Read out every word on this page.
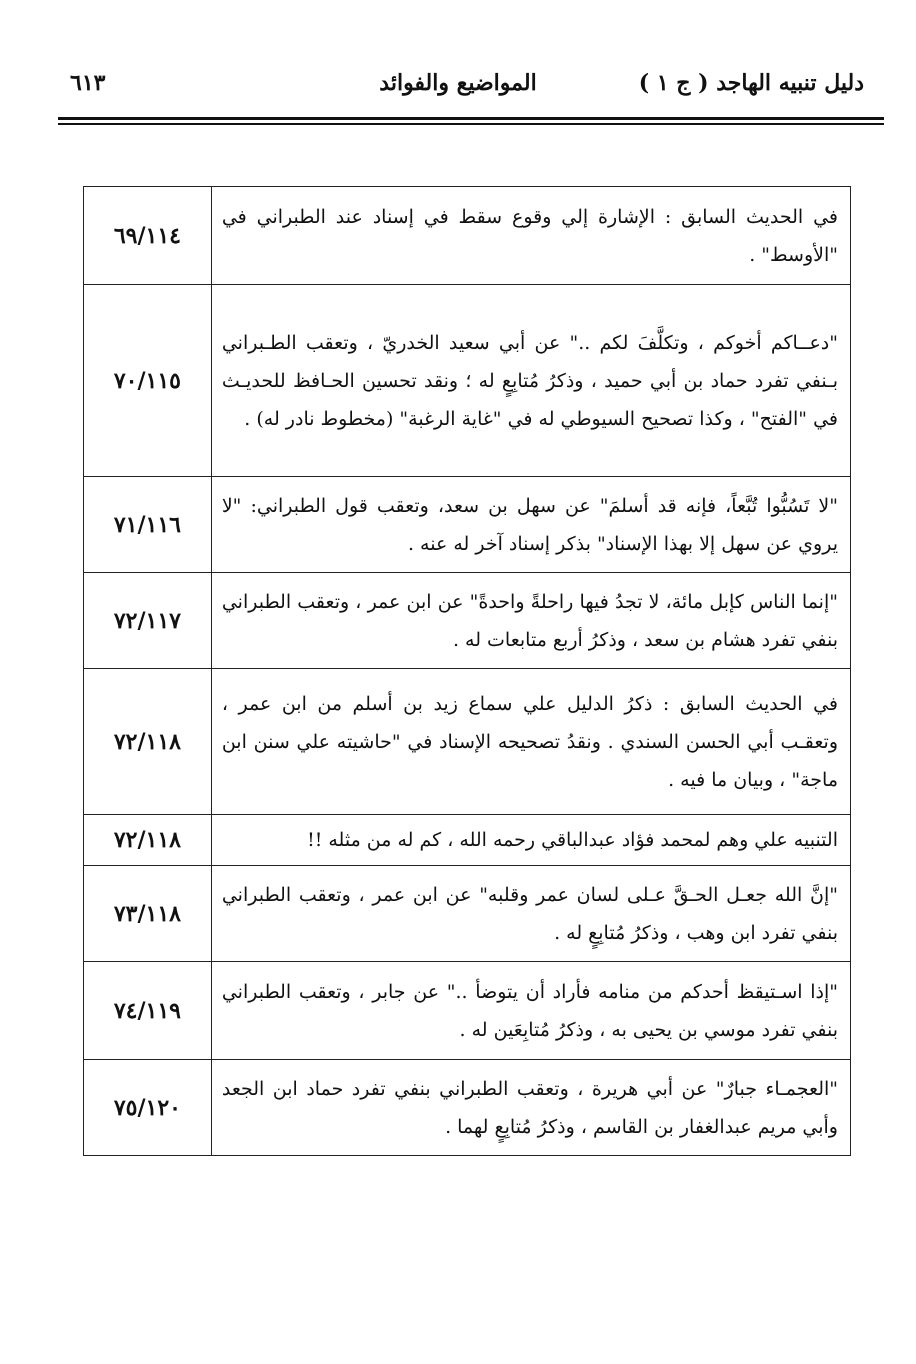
دليل تنبيه الهاجد ( ج ١ )
المواضيع والفوائد
٦١٣
في الحديث السابق : الإشارة إلي وقوع سقط في إسناد عند الطبراني في "الأوسط" .	٦٩/١١٤
"دعــاكم أخوكم ، وتكلَّفَ لكم .." عن أبي سعيد الخدريّ ، وتعقب الطـبراني بـنفي تفرد حماد بن أبي حميد ، وذكرُ مُتابِعٍ له ؛ ونقد تحسين الحـافظ للحديـث في "الفتح" ، وكذا تصحيح السيوطي له في "غاية الرغبة" (مخطوط نادر له) .	٧٠/١١٥
"لا تَسُبُّوا تُبَّعاً، فإنه قد أسلمَ" عن سهل بن سعد، وتعقب قول الطبراني: "لا يروي عن سهل إلا بهذا الإسناد" بذكر إسناد آخر له عنه .	٧١/١١٦
"إنما الناس كإبل مائة، لا تجدُ فيها راحلةً واحدةً" عن ابن عمر ، وتعقب الطبراني بنفي تفرد هشام بن سعد ، وذكرُ أربع متابعات له .	٧٢/١١٧
في الحديث السابق : ذكرُ الدليل علي سماع زيد بن أسلم من ابن عمر ، وتعقـب أبي الحسن السندي . ونقدُ تصحيحه الإسناد في "حاشيته علي سنن ابن ماجة" ، وبيان ما فيه .	٧٢/١١٨
التنبيه علي وهم لمحمد فؤاد عبدالباقي رحمه الله ، كم له من مثله !!	٧٢/١١٨
"إنَّ الله جعـل الحـقَّ عـلى لسان عمر وقلبه" عن ابن عمر ، وتعقب الطبراني بنفي تفرد ابن وهب ، وذكرُ مُتابِعٍ له .	٧٣/١١٨
"إذا اسـتيقظ أحدكم من منامه فأراد أن يتوضأ .." عن جابر ، وتعقب الطبراني بنفي تفرد موسي بن يحيى به ، وذكرُ مُتابِعَين له .	٧٤/١١٩
"العجمـاء جبارٌ" عن أبي هريرة ، وتعقب الطبراني بنفي تفرد حماد ابن الجعد وأبي مريم عبدالغفار بن القاسم ، وذكرُ مُتابِعٍ لهما .	٧٥/١٢٠
